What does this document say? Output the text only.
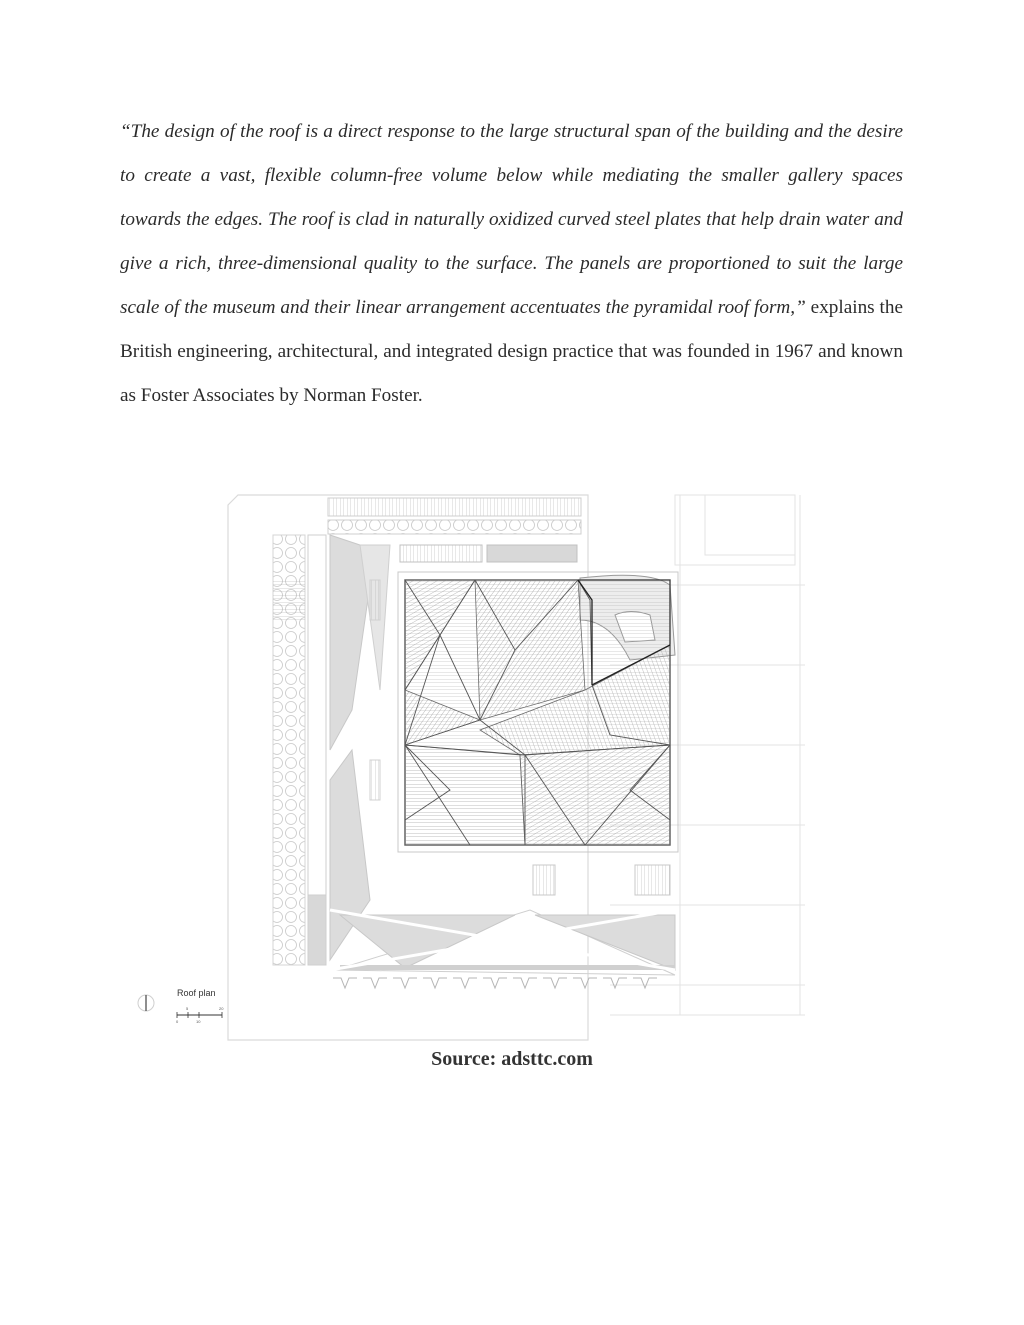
“The design of the roof is a direct response to the large structural span of the building and the desire to create a vast, flexible column-free volume below while mediating the smaller gallery spaces towards the edges. The roof is clad in naturally oxidized curved steel plates that help drain water and give a rich, three-dimensional quality to the surface. The panels are proportioned to suit the large scale of the museum and their linear arrangement accentuates the pyramidal roof form,” explains the British engineering, architectural, and integrated design practice that was founded in 1967 and known as Foster Associates by Norman Foster.

Roof plan
0
5
10
20
Source: adsttc.com
